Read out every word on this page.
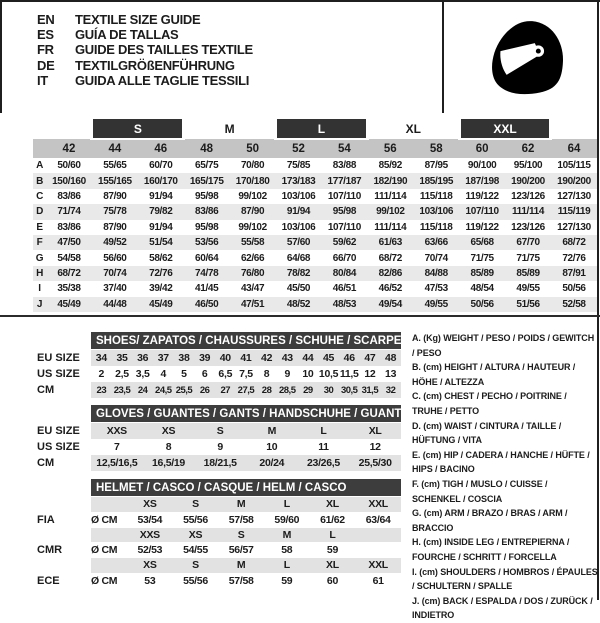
EN	TEXTILE SIZE GUIDE
ES	GUÍA DE TALLAS
FR	GUIDE DES TAILLES TEXTILE
DE	TEXTILGRÖßENFÜHRUNG
IT	GUIDA ALLE TAGLIE TESSILI
		S		M		L		XL		XXL		
	42	44	46	48	50	52	54	56	58	60	62	64
A	50/60	55/65	60/70	65/75	70/80	75/85	83/88	85/92	87/95	90/100	95/100	105/115
B	150/160	155/165	160/170	165/175	170/180	173/183	177/187	182/190	185/195	187/198	190/200	190/200
C	83/86	87/90	91/94	95/98	99/102	103/106	107/110	111/114	115/118	119/122	123/126	127/130
D	71/74	75/78	79/82	83/86	87/90	91/94	95/98	99/102	103/106	107/110	111/114	115/119
E	83/86	87/90	91/94	95/98	99/102	103/106	107/110	111/114	115/118	119/122	123/126	127/130
F	47/50	49/52	51/54	53/56	55/58	57/60	59/62	61/63	63/66	65/68	67/70	68/72
G	54/58	56/60	58/62	60/64	62/66	64/68	66/70	68/72	70/74	71/75	71/75	72/76
H	68/72	70/74	72/76	74/78	76/80	78/82	80/84	82/86	84/88	85/89	85/89	87/91
I	35/38	37/40	39/42	41/45	43/47	45/50	46/51	46/52	47/53	48/54	49/55	50/56
J	45/49	44/48	45/49	46/50	47/51	48/52	48/53	49/54	49/55	50/56	51/56	52/58
	SHOES/ ZAPATOS / CHAUSSURES / SCHUHE / SCARPE														
EU SIZE	34	35	36	37	38	39	40	41	42	43	44	45	46	47	48
US SIZE	2	2,5	3,5	4	5	6	6,5	7,5	8	9	10	10,5	11,5	12	13
CM	23	23,5	24	24,5	25,5	26	27	27,5	28	28,5	29	30	30,5	31,5	32
	GLOVES / GUANTES / GANTS / HANDSCHUHE / GUANTI					
EU SIZE	XXS	XS	S	M	L	XL
US SIZE	7	8	9	10	11	12
CM	12,5/16,5	16,5/19	18/21,5	20/24	23/26,5	25,5/30
	HELMET / CASCO / CASQUE / HELM / CASCO						
		XS	S	M	L	XL	XXL
FIA	Ø CM	53/54	55/56	57/58	59/60	61/62	63/64
		XXS	XS	S	M	L	
CMR	Ø CM	52/53	54/55	56/57	58	59	
		XS	S	M	L	XL	XXL
ECE	Ø CM	53	55/56	57/58	59	60	61
A. (Kg) WEIGHT / PESO / POIDS / GEWITCH / PESO
B. (cm) HEIGHT / ALTURA / HAUTEUR / HÖHE / ALTEZZA
C. (cm) CHEST / PECHO / POITRINE / TRUHE / PETTO
D. (cm) WAIST / CINTURA / TAILLE / HÜFTUNG / VITA
E. (cm) HIP / CADERA / HANCHE / HÜFTE / HIPS / BACINO
F. (cm) TIGH / MUSLO / CUISSE / SCHENKEL / COSCIA
G. (cm) ARM / BRAZO / BRAS / ARM / BRACCIO
H. (cm) INSIDE LEG / ENTREPIERNA / FOURCHE / SCHRITT / FORCELLA
I. (cm) SHOULDERS / HOMBROS / ÉPAULES / SCHULTERN / SPALLE
J. (cm) BACK / ESPALDA / DOS / ZURÜCK / INDIETRO
